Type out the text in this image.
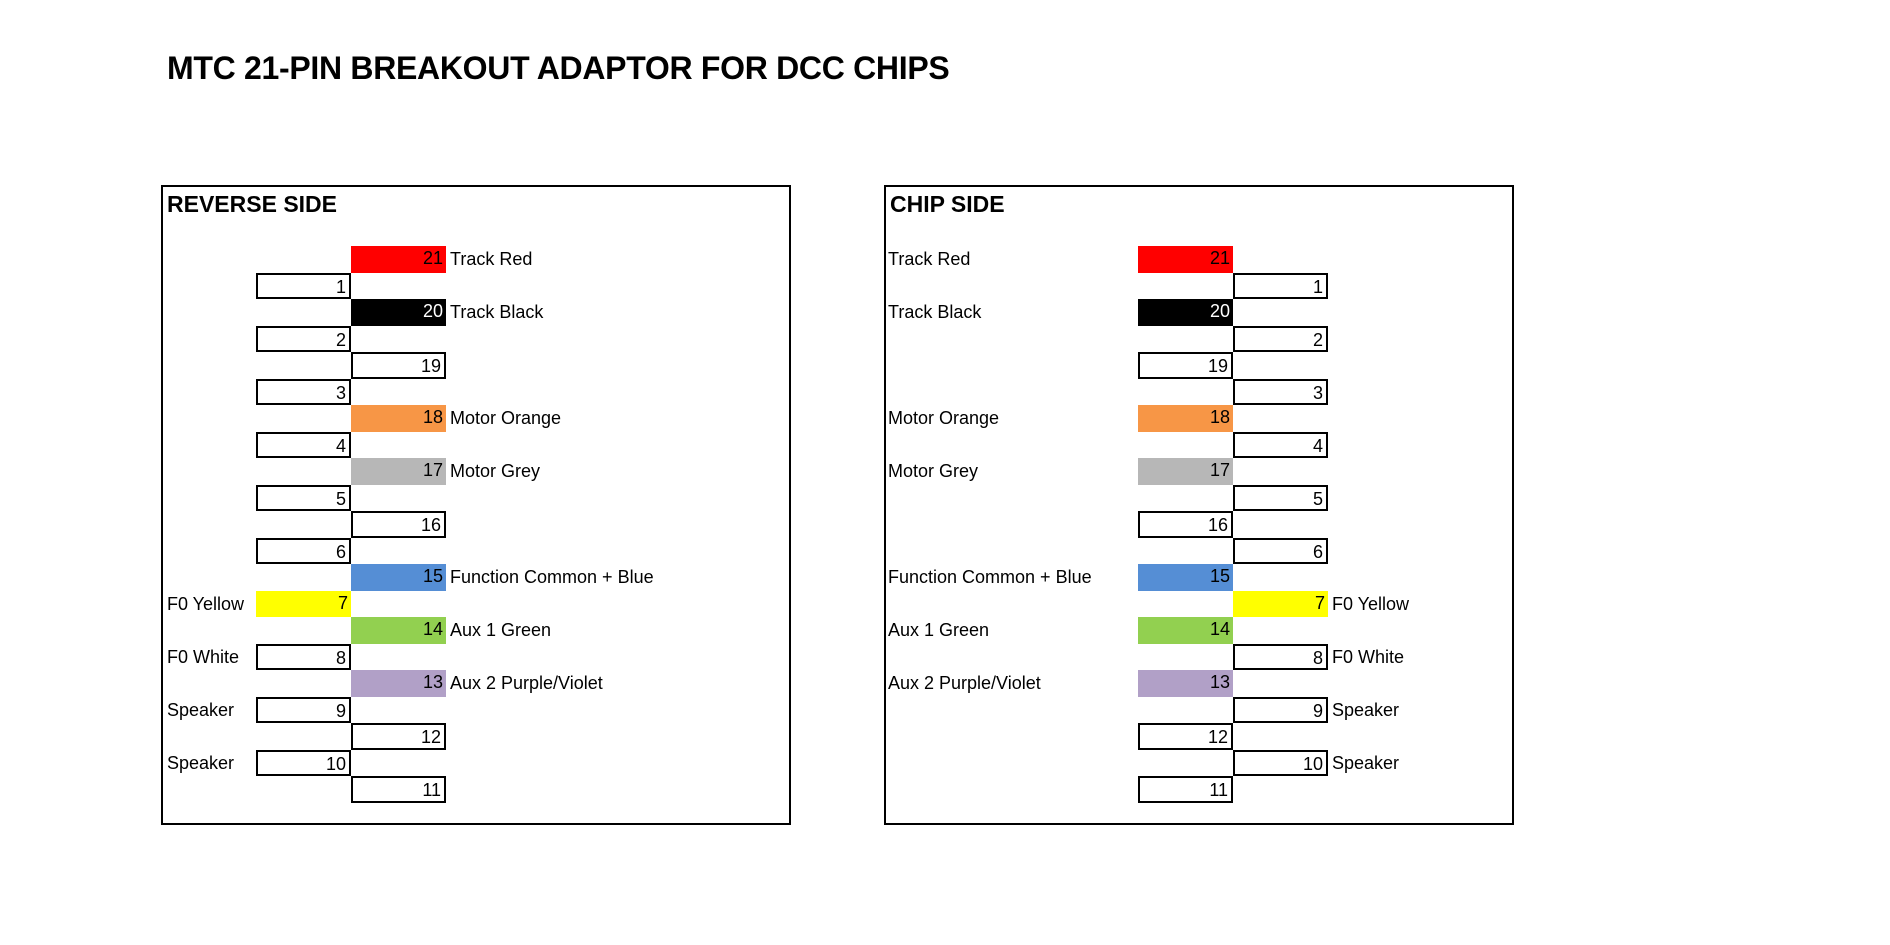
MTC 21-PIN BREAKOUT ADAPTOR FOR DCC CHIPS
REVERSE SIDE
21 Track Red
1
20 Track Black
2
19
3
18 Motor Orange
4
17 Motor Grey
5
16
6
15 Function Common + Blue
7
F0 Yellow
14 Aux 1 Green
8
F0 White
13 Aux 2 Purple/Violet
9
Speaker
12
10
Speaker
11
CHIP SIDE
21
Track Red
1
20
Track Black
2
19
3
18
Motor Orange
4
17
Motor Grey
5
16
6
15
Function Common + Blue
7 F0 Yellow
14
Aux 1 Green
8 F0 White
13
Aux 2 Purple/Violet
9 Speaker
12
10 Speaker
11
